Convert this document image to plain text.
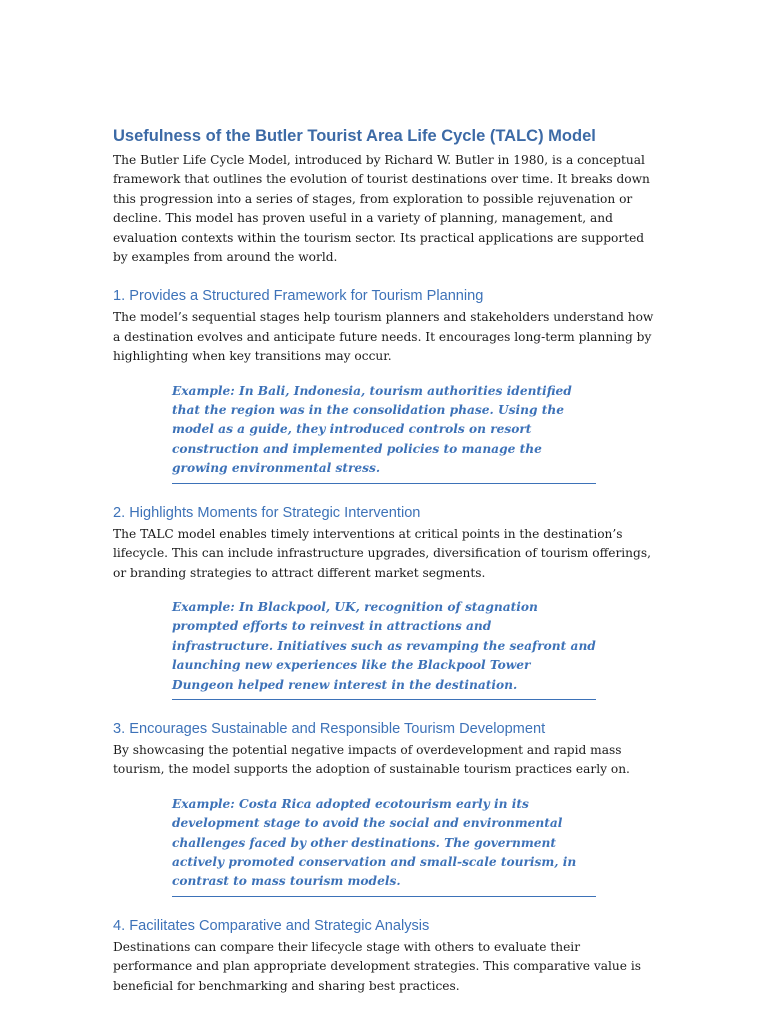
Usefulness of the Butler Tourist Area Life Cycle (TALC) Model

The Butler Life Cycle Model, introduced by Richard W. Butler in 1980, is a conceptual framework that outlines the evolution of tourist destinations over time. It breaks down this progression into a series of stages, from exploration to possible rejuvenation or decline. This model has proven useful in a variety of planning, management, and evaluation contexts within the tourism sector. Its practical applications are supported by examples from around the world.

1. Provides a Structured Framework for Tourism Planning

The model’s sequential stages help tourism planners and stakeholders understand how a destination evolves and anticipate future needs. It encourages long-term planning by highlighting when key transitions may occur.

Example: In Bali, Indonesia, tourism authorities identified that the region was in the consolidation phase. Using the model as a guide, they introduced controls on resort construction and implemented policies to manage the growing environmental stress.
2. Highlights Moments for Strategic Intervention

The TALC model enables timely interventions at critical points in the destination’s lifecycle. This can include infrastructure upgrades, diversification of tourism offerings, or branding strategies to attract different market segments.

Example: In Blackpool, UK, recognition of stagnation prompted efforts to reinvest in attractions and infrastructure. Initiatives such as revamping the seafront and launching new experiences like the Blackpool Tower Dungeon helped renew interest in the destination.
3. Encourages Sustainable and Responsible Tourism Development

By showcasing the potential negative impacts of overdevelopment and rapid mass tourism, the model supports the adoption of sustainable tourism practices early on.

Example: Costa Rica adopted ecotourism early in its development stage to avoid the social and environmental challenges faced by other destinations. The government actively promoted conservation and small-scale tourism, in contrast to mass tourism models.
4. Facilitates Comparative and Strategic Analysis

Destinations can compare their lifecycle stage with others to evaluate their performance and plan appropriate development strategies. This comparative value is beneficial for benchmarking and sharing best practices.
